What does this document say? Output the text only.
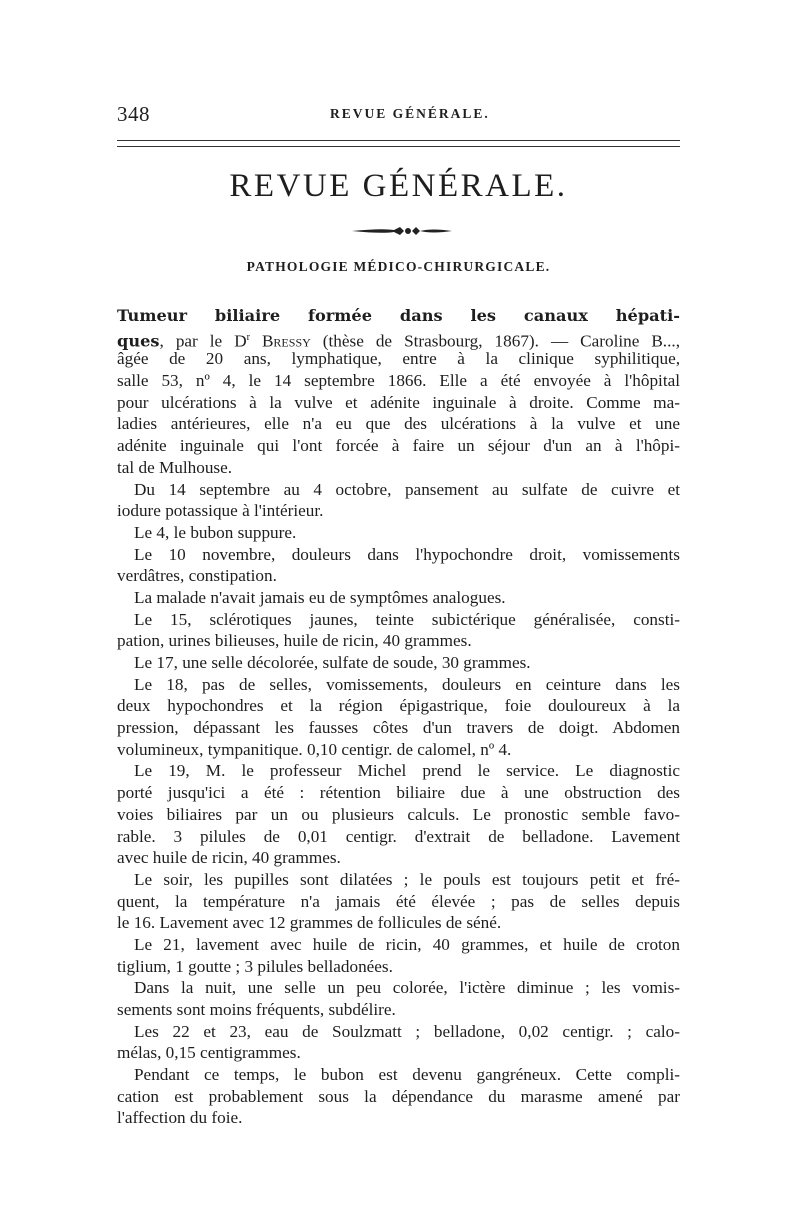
348	REVUE GÉNÉRALE.
REVUE GÉNÉRALE.
PATHOLOGIE MÉDICO-CHIRURGICALE.
Tumeur biliaire formée dans les canaux hépati-
ques, par le $D^r$ Bressy (thèse de Strasbourg, 1867). — Caroline B...,
âgée de 20 ans, lymphatique, entre à la clinique syphilitique,
salle 53, nº 4, le 14 septembre 1866. Elle a été envoyée à l'hôpital
pour ulcérations à la vulve et adénite inguinale à droite. Comme ma-
ladies antérieures, elle n'a eu que des ulcérations à la vulve et une
adénite inguinale qui l'ont forcée à faire un séjour d'un an à l'hôpi-
tal de Mulhouse.
Du 14 septembre au 4 octobre, pansement au sulfate de cuivre et
iodure potassique à l'intérieur.
Le 4, le bubon suppure.
Le 10 novembre, douleurs dans l'hypochondre droit, vomissements
verdâtres, constipation.
La malade n'avait jamais eu de symptômes analogues.
Le 15, sclérotiques jaunes, teinte subictérique généralisée, consti-
pation, urines bilieuses, huile de ricin, 40 grammes.
Le 17, une selle décolorée, sulfate de soude, 30 grammes.
Le 18, pas de selles, vomissements, douleurs en ceinture dans les
deux hypochondres et la région épigastrique, foie douloureux à la
pression, dépassant les fausses côtes d'un travers de doigt. Abdomen
volumineux, tympanitique. 0,10 centigr. de calomel, nº 4.
Le 19, M. le professeur Michel prend le service. Le diagnostic
porté jusqu'ici a été : rétention biliaire due à une obstruction des
voies biliaires par un ou plusieurs calculs. Le pronostic semble favo-
rable. 3 pilules de 0,01 centigr. d'extrait de belladone. Lavement
avec huile de ricin, 40 grammes.
Le soir, les pupilles sont dilatées ; le pouls est toujours petit et fré-
quent, la température n'a jamais été élevée ; pas de selles depuis
le 16. Lavement avec 12 grammes de follicules de séné.
Le 21, lavement avec huile de ricin, 40 grammes, et huile de croton
tiglium, 1 goutte ; 3 pilules belladonées.
Dans la nuit, une selle un peu colorée, l'ictère diminue ; les vomis-
sements sont moins fréquents, subdélire.
Les 22 et 23, eau de Soulzmatt ; belladone, 0,02 centigr. ; calo-
mélas, 0,15 centigrammes.
Pendant ce temps, le bubon est devenu gangréneux. Cette compli-
cation est probablement sous la dépendance du marasme amené par
l'affection du foie.
